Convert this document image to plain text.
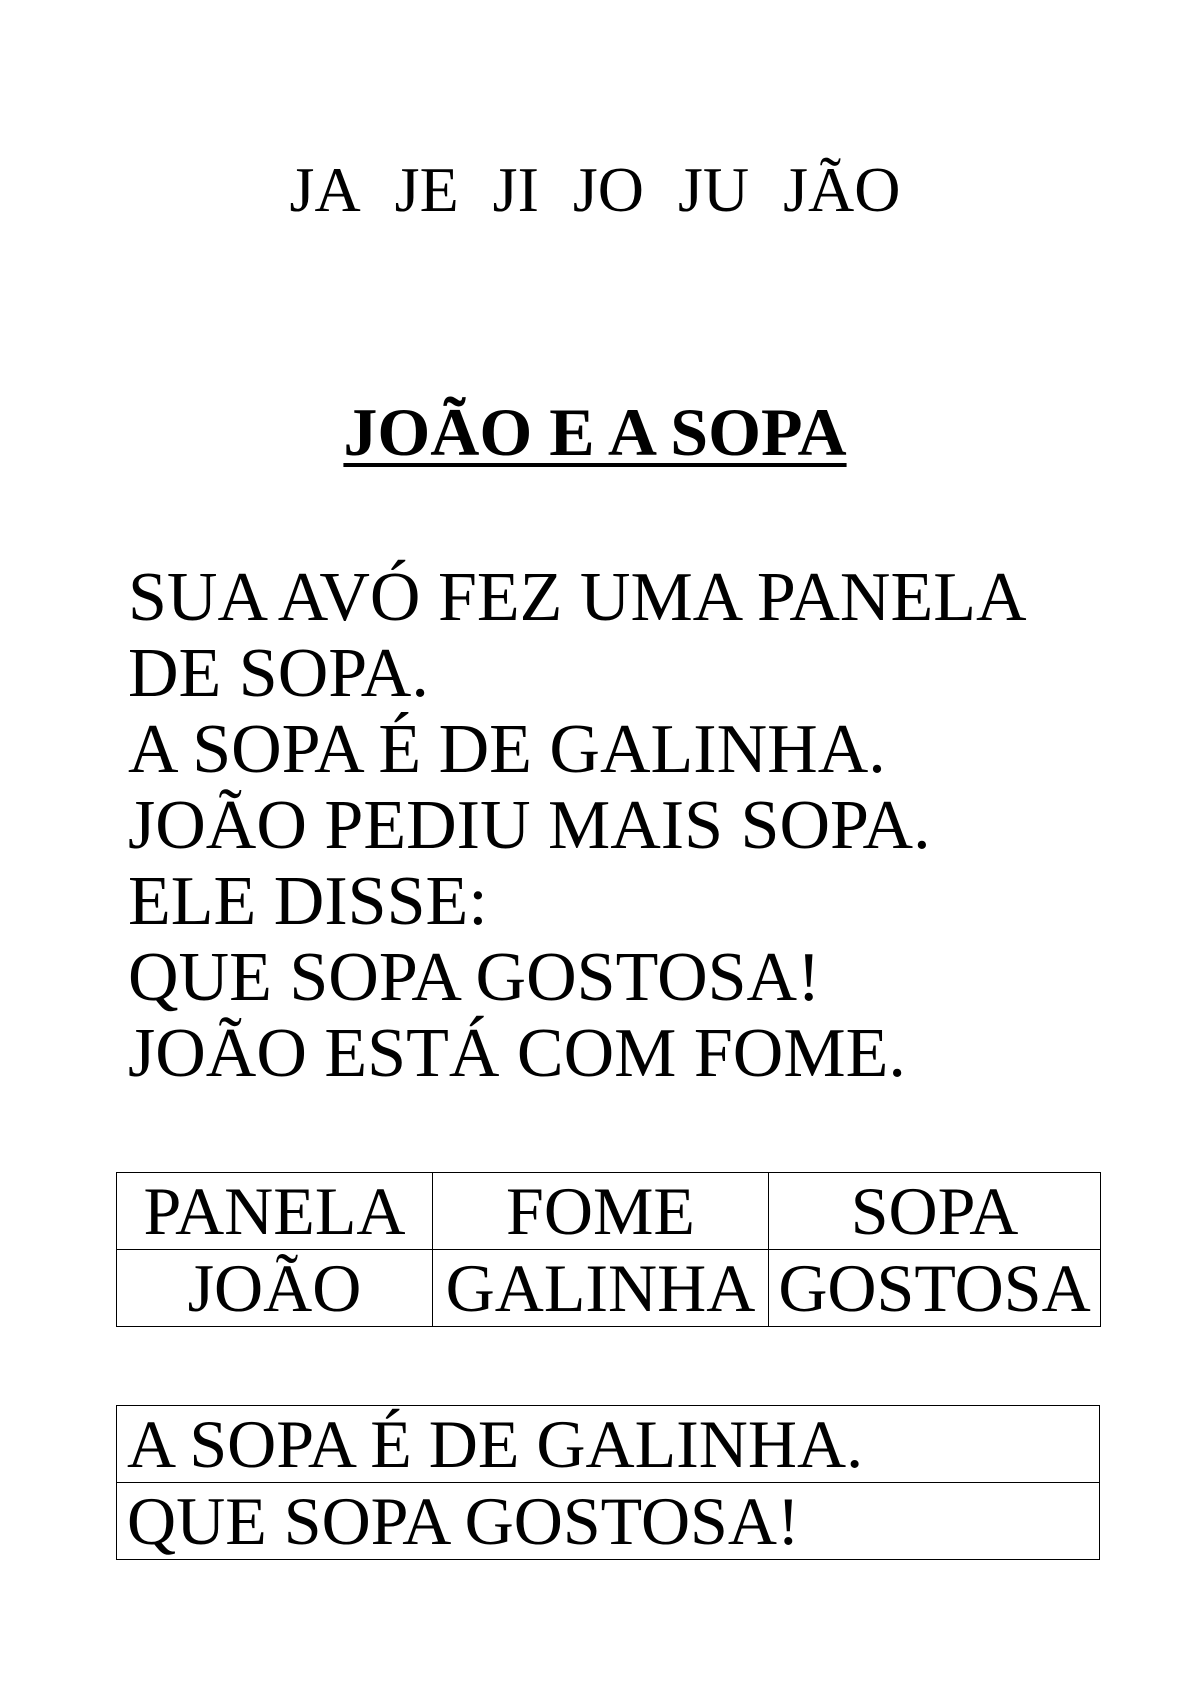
JA JE JI JO JU JÃO
JOÃO E A SOPA
SUA AVÓ FEZ UMA PANELA
DE SOPA.
A SOPA É DE GALINHA.
JOÃO PEDIU MAIS SOPA.
ELE DISSE:
QUE SOPA GOSTOSA!
JOÃO ESTÁ COM FOME.
PANELA	FOME	SOPA
JOÃO	GALINHA	GOSTOSA
A SOPA É DE GALINHA.
QUE SOPA GOSTOSA!
